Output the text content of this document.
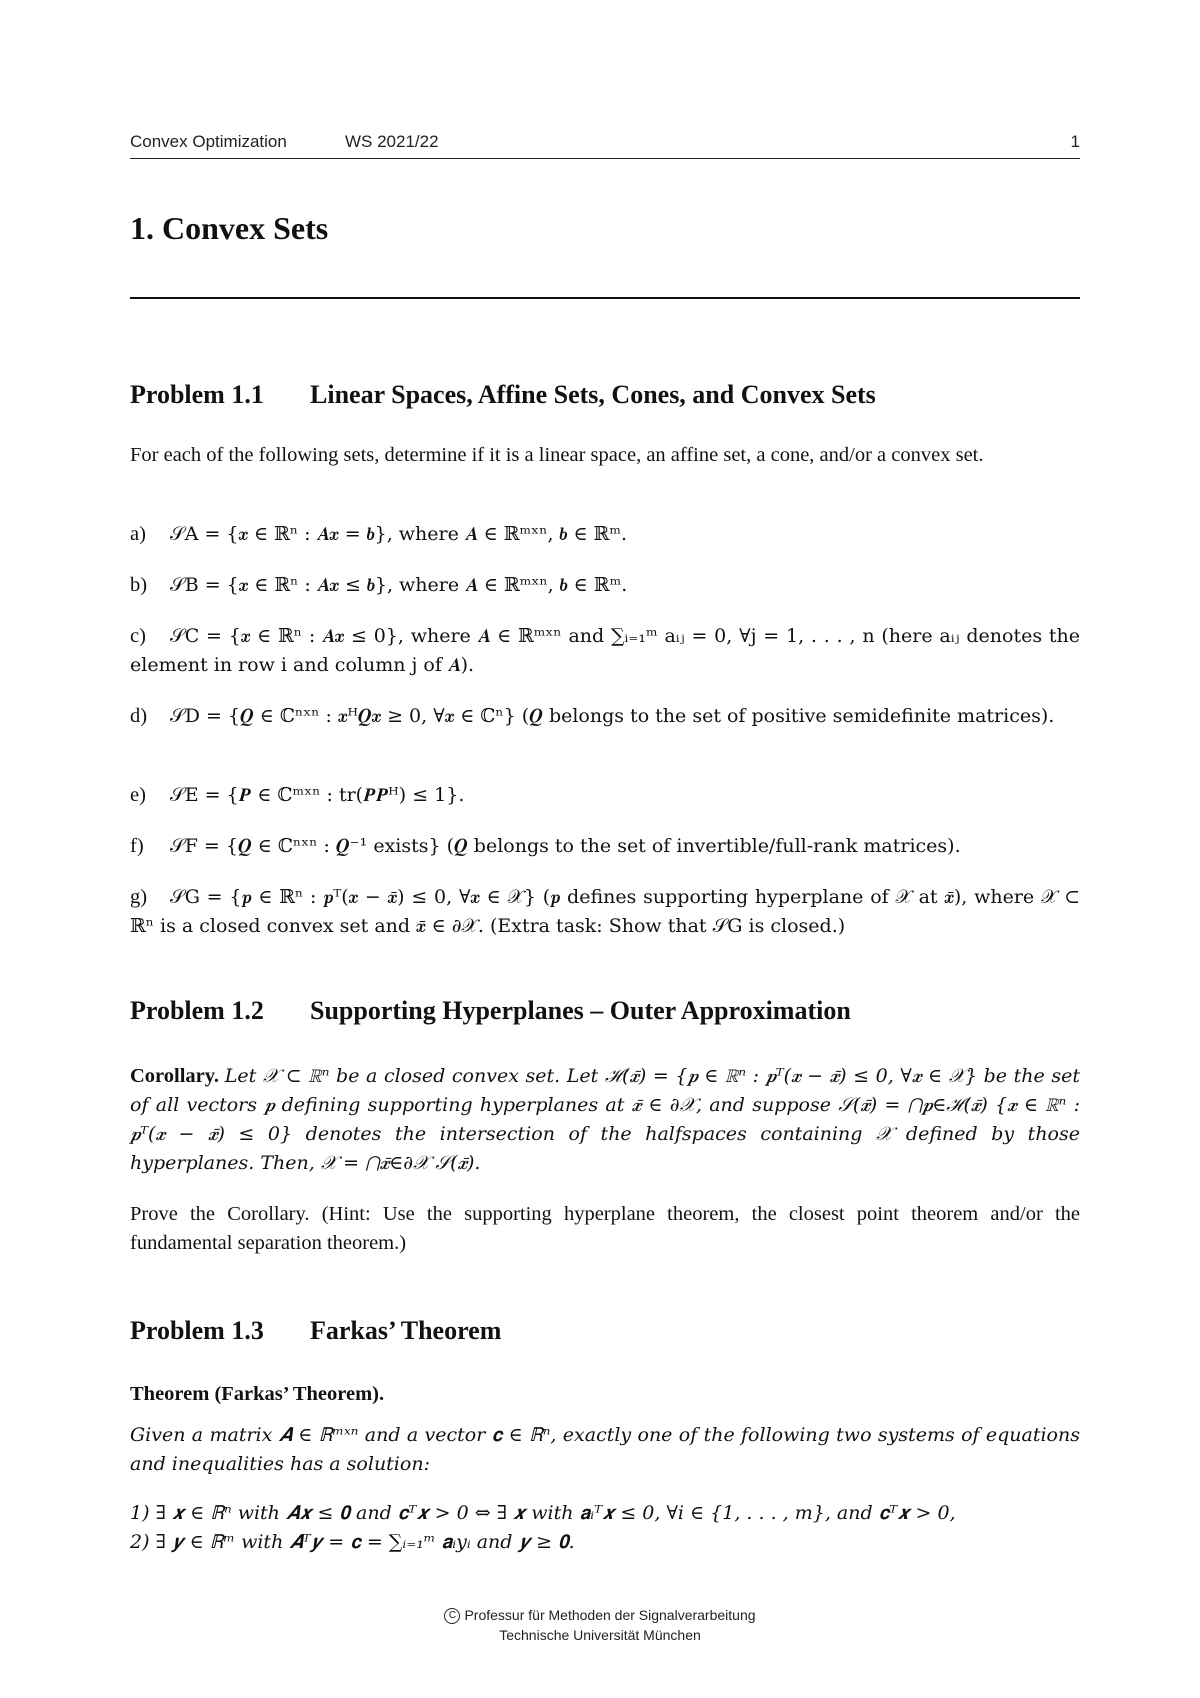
Convex Optimization	WS 2021/22	1
1. Convex Sets
Problem 1.1 Linear Spaces, Affine Sets, Cones, and Convex Sets
For each of the following sets, determine if it is a linear space, an affine set, a cone, and/or a convex set.
a) 𝒮A = {𝒙 ∈ ℝⁿ : 𝑨𝒙 = 𝒃}, where 𝑨 ∈ ℝᵐˣⁿ, 𝒃 ∈ ℝᵐ.
b) 𝒮B = {𝒙 ∈ ℝⁿ : 𝑨𝒙 ≤ 𝒃}, where 𝑨 ∈ ℝᵐˣⁿ, 𝒃 ∈ ℝᵐ.
c) 𝒮C = {𝒙 ∈ ℝⁿ : 𝑨𝒙 ≤ 0}, where 𝑨 ∈ ℝᵐˣⁿ and ∑ᵢ₌₁ᵐ aᵢⱼ = 0, ∀j = 1, . . . , n (here aᵢⱼ denotes the element in row i and column j of 𝑨).
d) 𝒮D = {𝑸 ∈ ℂⁿˣⁿ : 𝒙ᴴ𝑸𝒙 ≥ 0, ∀𝒙 ∈ ℂⁿ} (𝑸 belongs to the set of positive semidefinite matrices).
e) 𝒮E = {𝑷 ∈ ℂᵐˣⁿ : tr(𝑷𝑷ᴴ) ≤ 1}.
f) 𝒮F = {𝑸 ∈ ℂⁿˣⁿ : 𝑸⁻¹ exists} (𝑸 belongs to the set of invertible/full-rank matrices).
g) 𝒮G = {𝒑 ∈ ℝⁿ : 𝒑ᵀ(𝒙 − 𝒙̄) ≤ 0, ∀𝒙 ∈ 𝒳} (𝒑 defines supporting hyperplane of 𝒳 at 𝒙̄), where 𝒳 ⊂ ℝⁿ is a closed convex set and 𝒙̄ ∈ ∂𝒳. (Extra task: Show that 𝒮G is closed.)
Problem 1.2 Supporting Hyperplanes – Outer Approximation
Corollary. Let 𝒳 ⊂ ℝⁿ be a closed convex set. Let ℋ(𝒙̄) = {𝒑 ∈ ℝⁿ : 𝒑ᵀ(𝒙 − 𝒙̄) ≤ 0, ∀𝒙 ∈ 𝒳} be the set of all vectors 𝒑 defining supporting hyperplanes at 𝒙̄ ∈ ∂𝒳, and suppose 𝒮(𝒙̄) = ⋂𝒑∈ℋ(𝒙̄) {𝒙 ∈ ℝⁿ : 𝒑ᵀ(𝒙 − 𝒙̄) ≤ 0} denotes the intersection of the halfspaces containing 𝒳 defined by those hyperplanes. Then, 𝒳 = ⋂𝒙̄∈∂𝒳 𝒮(𝒙̄).
Prove the Corollary. (Hint: Use the supporting hyperplane theorem, the closest point theorem and/or the fundamental separation theorem.)
Problem 1.3 Farkas’ Theorem
Theorem (Farkas’ Theorem).
Given a matrix 𝑨 ∈ ℝᵐˣⁿ and a vector 𝐜 ∈ ℝⁿ, exactly one of the following two systems of equations and inequalities has a solution:
1) ∃ 𝒙 ∈ ℝⁿ with 𝑨𝒙 ≤ 𝟎 and 𝐜ᵀ𝒙 > 0 ⇔ ∃ 𝒙 with 𝐚ᵢᵀ𝒙 ≤ 0, ∀i ∈ {1, . . . , m}, and 𝐜ᵀ𝒙 > 0,
2) ∃ 𝒚 ∈ ℝᵐ with 𝑨ᵀ𝒚 = 𝐜 = ∑ᵢ₌₁ᵐ 𝐚ᵢyᵢ and 𝒚 ≥ 𝟎.
C Professur für Methoden der Signalverarbeitung
Technische Universität München
